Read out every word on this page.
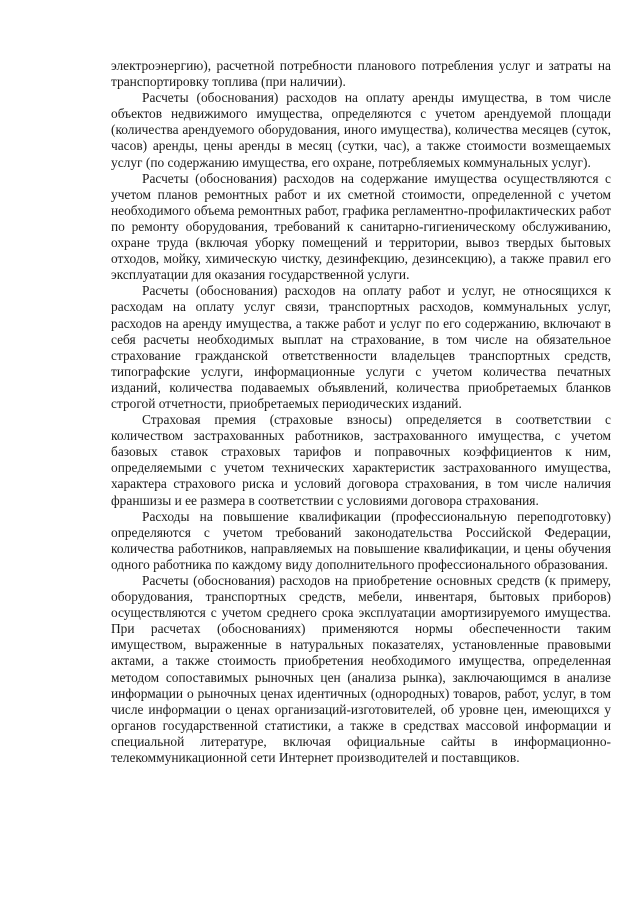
электроэнергию), расчетной потребности планового потребления услуг и затраты на транспортировку топлива (при наличии).

Расчеты (обоснования) расходов на оплату аренды имущества, в том числе объектов недвижимого имущества, определяются с учетом арендуемой площади (количества арендуемого оборудования, иного имущества), количества месяцев (суток, часов) аренды, цены аренды в месяц (сутки, час), а также стоимости возмещаемых услуг (по содержанию имущества, его охране, потребляемых коммунальных услуг).

Расчеты (обоснования) расходов на содержание имущества осуществляются с учетом планов ремонтных работ и их сметной стоимости, определенной с учетом необходимого объема ремонтных работ, графика регламентно-профилактических работ по ремонту оборудования, требований к санитарно-гигиеническому обслуживанию, охране труда (включая уборку помещений и территории, вывоз твердых бытовых отходов, мойку, химическую чистку, дезинфекцию, дезинсекцию), а также правил его эксплуатации для оказания государственной услуги.

Расчеты (обоснования) расходов на оплату работ и услуг, не относящихся к расходам на оплату услуг связи, транспортных расходов, коммунальных услуг, расходов на аренду имущества, а также работ и услуг по его содержанию, включают в себя расчеты необходимых выплат на страхование, в том числе на обязательное страхование гражданской ответственности владельцев транспортных средств, типографские услуги, информационные услуги с учетом количества печатных изданий, количества подаваемых объявлений, количества приобретаемых бланков строгой отчетности, приобретаемых периодических изданий.

Страховая премия (страховые взносы) определяется в соответствии с количеством застрахованных работников, застрахованного имущества, с учетом базовых ставок страховых тарифов и поправочных коэффициентов к ним, определяемыми с учетом технических характеристик застрахованного имущества, характера страхового риска и условий договора страхования, в том числе наличия франшизы и ее размера в соответствии с условиями договора страхования.

Расходы на повышение квалификации (профессиональную переподготовку) определяются с учетом требований законодательства Российской Федерации, количества работников, направляемых на повышение квалификации, и цены обучения одного работника по каждому виду дополнительного профессионального образования.

Расчеты (обоснования) расходов на приобретение основных средств (к примеру, оборудования, транспортных средств, мебели, инвентаря, бытовых приборов) осуществляются с учетом среднего срока эксплуатации амортизируемого имущества. При расчетах (обоснованиях) применяются нормы обеспеченности таким имуществом, выраженные в натуральных показателях, установленные правовыми актами, а также стоимость приобретения необходимого имущества, определенная методом сопоставимых рыночных цен (анализа рынка), заключающимся в анализе информации о рыночных ценах идентичных (однородных) товаров, работ, услуг, в том числе информации о ценах организаций-изготовителей, об уровне цен, имеющихся у органов государственной статистики, а также в средствах массовой информации и специальной литературе, включая официальные сайты в информационно-телекоммуникационной сети Интернет производителей и поставщиков.
